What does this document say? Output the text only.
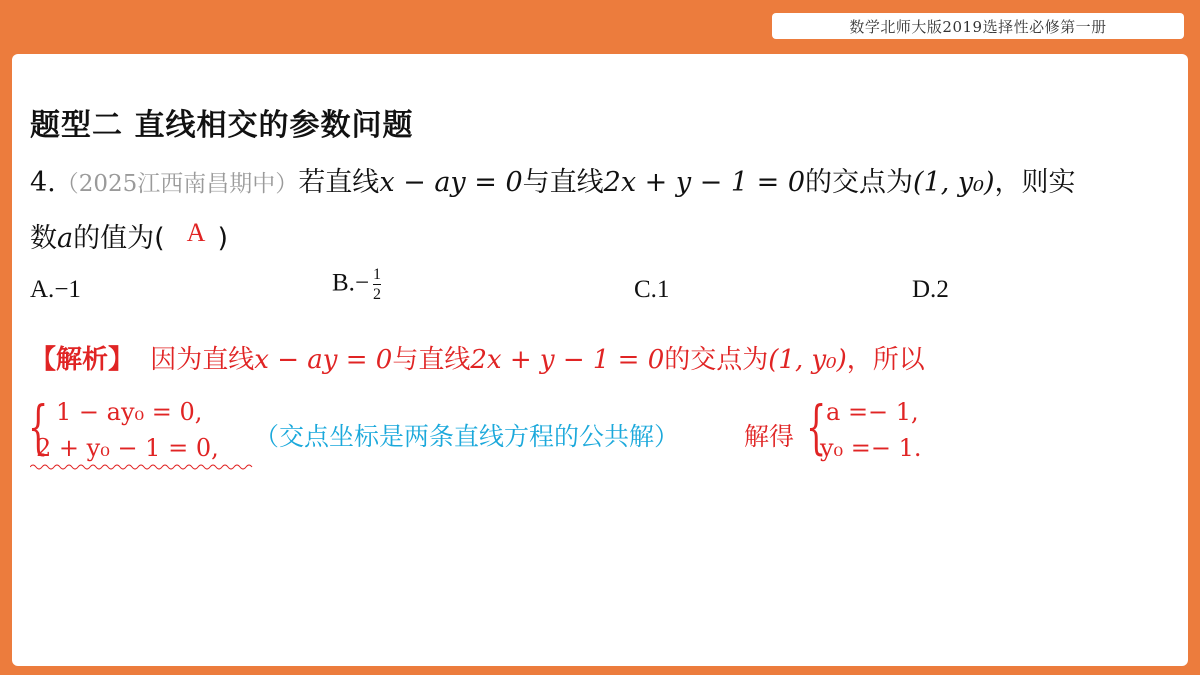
数学北师大版2019选择性必修第一册
题型二 直线相交的参数问题
4.（2025江西南昌期中）若直线x − ay = 0与直线2x + y − 1 = 0的交点为(1, y₀)，则实
数a的值为( A )
A.−1	$B.- \frac{1}{2}$	C.1	D.2
【解析】 因为直线x − ay = 0与直线2x + y − 1 = 0的交点为(1, y₀)，所以
{ 1 − ay₀ = 0,
2 + y₀ − 1 = 0, （交点坐标是两条直线方程的公共解）	解得 { a =− 1,
y₀ =− 1.
